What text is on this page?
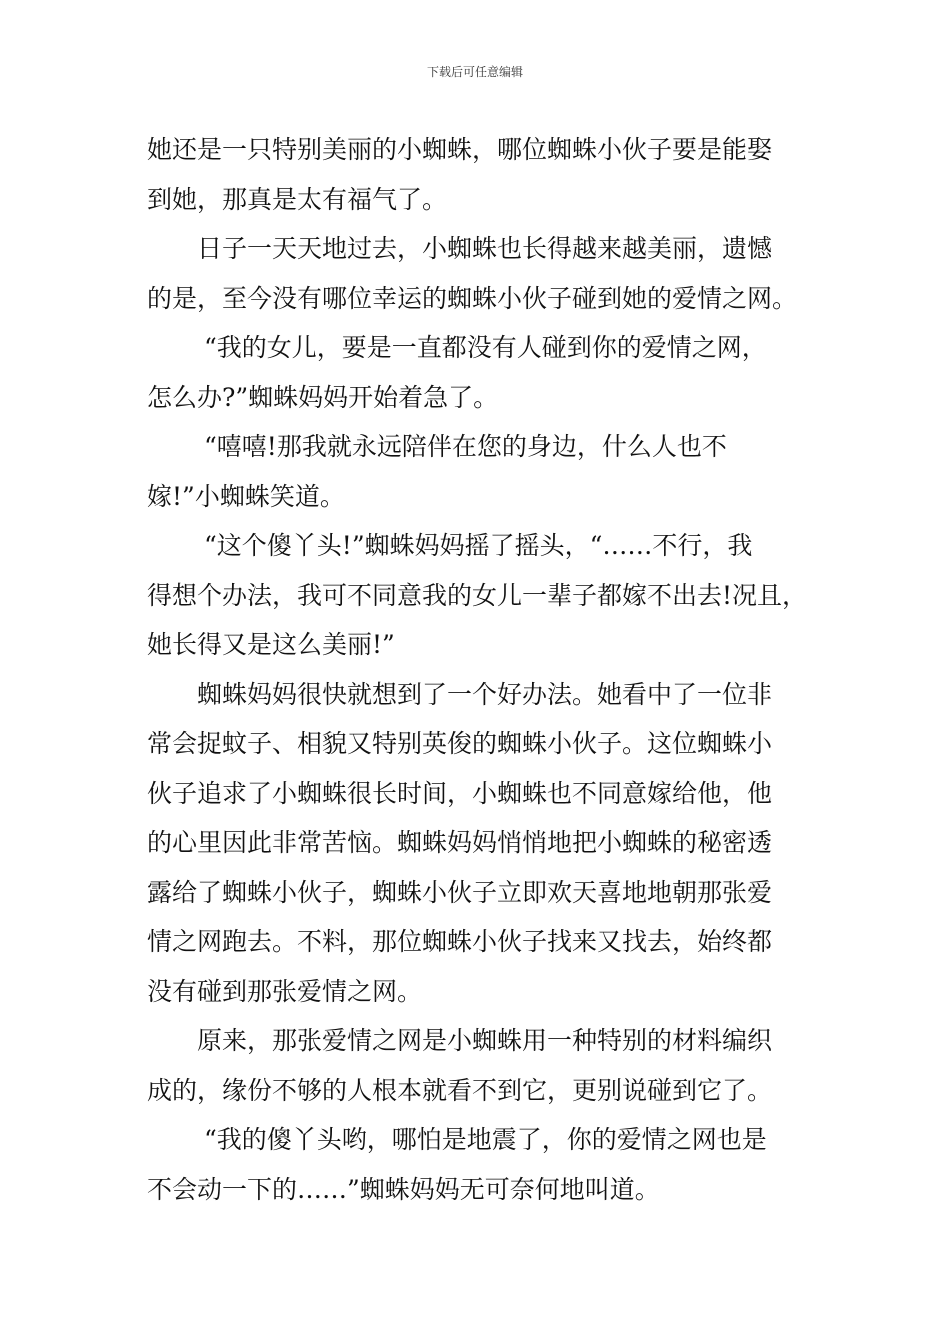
下载后可任意编辑
她还是一只特别美丽的小蜘蛛，哪位蜘蛛小伙子要是能娶
到她，那真是太有福气了。
日子一天天地过去，小蜘蛛也长得越来越美丽，遗憾
的是，至今没有哪位幸运的蜘蛛小伙子碰到她的爱情之网。
“我的女儿，要是一直都没有人碰到你的爱情之网，
怎么办?”蜘蛛妈妈开始着急了。
“嘻嘻!那我就永远陪伴在您的身边，什么人也不
嫁!”小蜘蛛笑道。
“这个傻丫头!”蜘蛛妈妈摇了摇头，“……不行，我
得想个办法，我可不同意我的女儿一辈子都嫁不出去!况且，
她长得又是这么美丽!”
蜘蛛妈妈很快就想到了一个好办法。她看中了一位非
常会捉蚊子、相貌又特别英俊的蜘蛛小伙子。这位蜘蛛小
伙子追求了小蜘蛛很长时间，小蜘蛛也不同意嫁给他，他
的心里因此非常苦恼。蜘蛛妈妈悄悄地把小蜘蛛的秘密透
露给了蜘蛛小伙子，蜘蛛小伙子立即欢天喜地地朝那张爱
情之网跑去。不料，那位蜘蛛小伙子找来又找去，始终都
没有碰到那张爱情之网。
原来，那张爱情之网是小蜘蛛用一种特别的材料编织
成的，缘份不够的人根本就看不到它，更别说碰到它了。
“我的傻丫头哟，哪怕是地震了，你的爱情之网也是
不会动一下的……”蜘蛛妈妈无可奈何地叫道。
